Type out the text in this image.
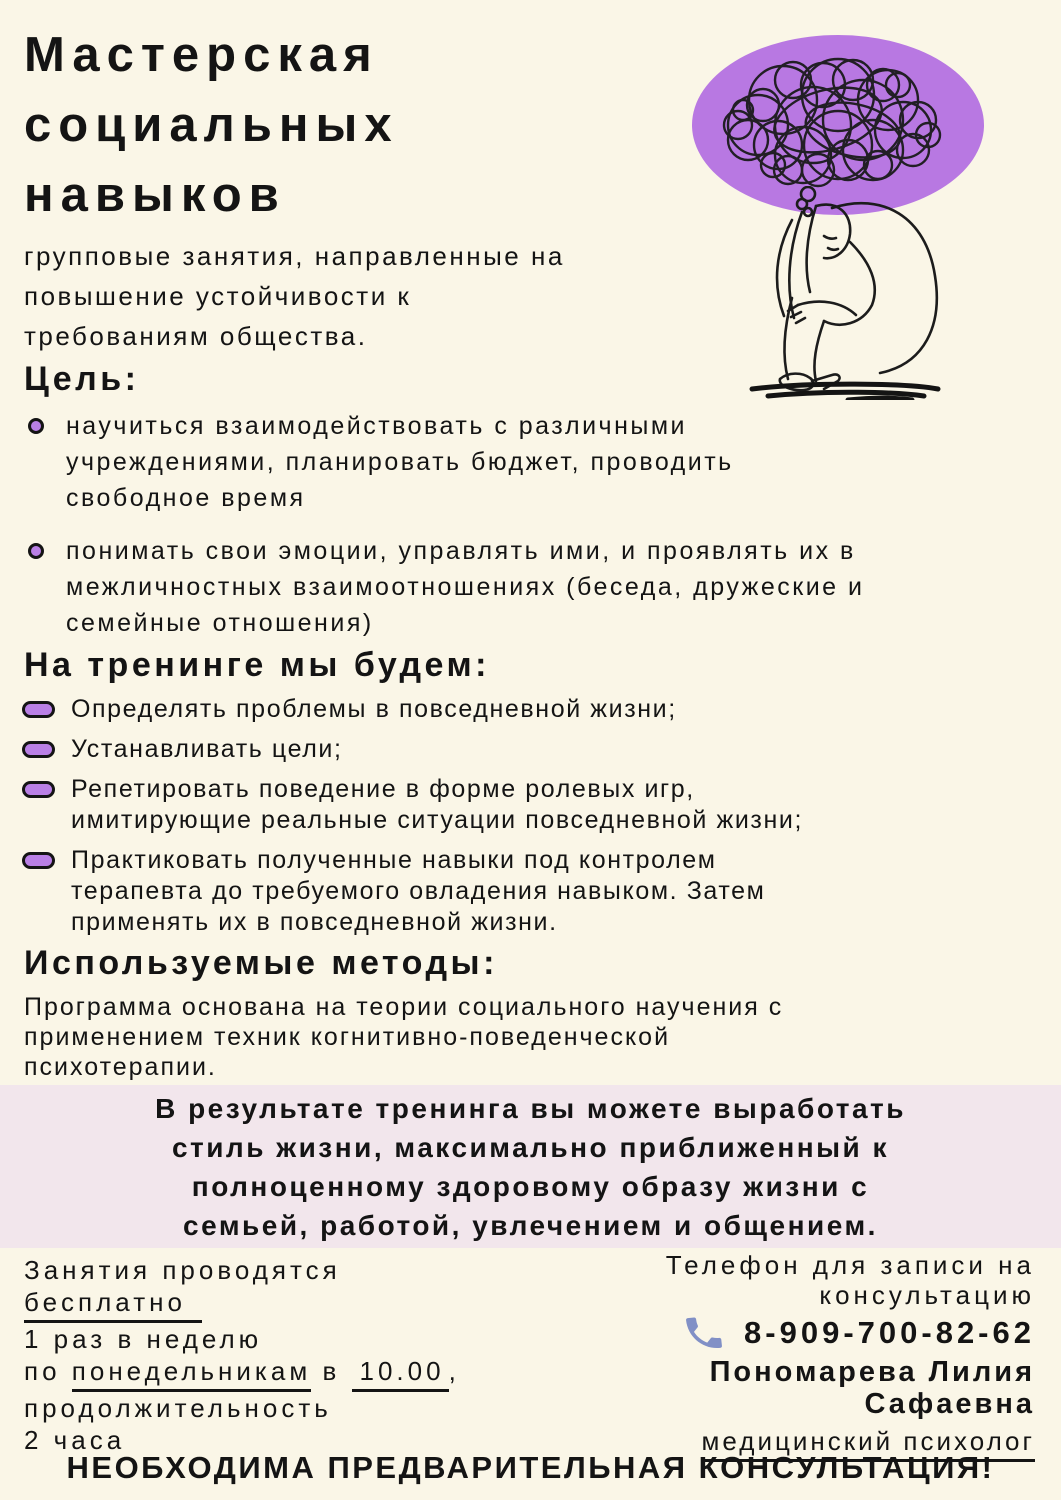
Мастерская
социальных
навыков
групповые занятия, направленные на
повышение устойчивости к
требованиям общества.
Цель:
научиться взаимодействовать с различными
учреждениями, планировать бюджет, проводить
свободное время
понимать свои эмоции, управлять ими, и проявлять их в
межличностных взаимоотношениях (беседа, дружеские и
семейные отношения)
На тренинге мы будем:
Определять проблемы в повседневной жизни;
Устанавливать цели;
Репетировать поведение в форме ролевых игр,
имитирующие реальные ситуации повседневной жизни;
Практиковать полученные навыки под контролем
терапевта до требуемого овладения навыком. Затем
применять их в повседневной жизни.
Используемые методы:
Программа основана на теории социального научения с
применением техник когнитивно-поведенческой
психотерапии.
В результате тренинга вы можете выработать
стиль жизни, максимально приближенный к
полноценному здоровому образу жизни с
семьей, работой, увлечением и общением.
Занятия проводятся
бесплатно
1 раз в неделю
по понедельникам в 10.00 ,
продолжительность
2 часа
Телефон для записи на
консультацию
8-909-700-82-62
Пономарева Лилия
Сафаевна
медицинский психолог
НЕОБХОДИМА ПРЕДВАРИТЕЛЬНАЯ КОНСУЛЬТАЦИЯ!
